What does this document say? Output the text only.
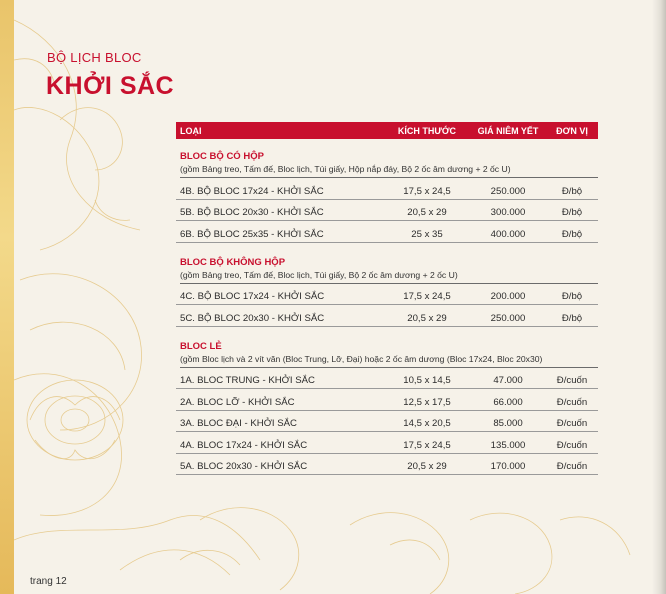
BỘ LỊCH BLOC
KHỞI SẮC
LOẠI	KÍCH THƯỚC	GIÁ NIÊM YẾT	ĐƠN VỊ
BLOC BỘ CÓ HỘP
(gồm Bảng treo, Tấm đế, Bloc lịch, Túi giấy, Hộp nắp đáy, Bộ 2 ốc âm dương + 2 ốc U)
4B. BỘ BLOC 17x24 - KHỞI SẮC	17,5 x 24,5	250.000	Đ/bộ
5B. BỘ BLOC 20x30 - KHỞI SẮC	20,5 x 29	300.000	Đ/bộ
6B. BỘ BLOC 25x35 - KHỞI SẮC	25 x 35	400.000	Đ/bộ
BLOC BỘ KHÔNG HỘP
(gồm Bảng treo, Tấm đế, Bloc lịch, Túi giấy, Bộ 2 ốc âm dương + 2 ốc U)
4C. BỘ BLOC 17x24 - KHỞI SẮC	17,5 x 24,5	200.000	Đ/bộ
5C. BỘ BLOC 20x30 - KHỞI SẮC	20,5 x 29	250.000	Đ/bộ
BLOC LẺ
(gồm Bloc lịch và 2 vít văn (Bloc Trung, Lỡ, Đại) hoặc 2 ốc âm dương (Bloc 17x24, Bloc 20x30)
1A. BLOC TRUNG - KHỞI SẮC	10,5 x 14,5	47.000	Đ/cuốn
2A. BLOC LỠ - KHỞI SẮC	12,5 x 17,5	66.000	Đ/cuốn
3A. BLOC ĐẠI - KHỞI SẮC	14,5 x 20,5	85.000	Đ/cuốn
4A. BLOC 17x24 - KHỞI SẮC	17,5 x 24,5	135.000	Đ/cuốn
5A. BLOC 20x30 - KHỞI SẮC	20,5 x 29	170.000	Đ/cuốn
trang 12
